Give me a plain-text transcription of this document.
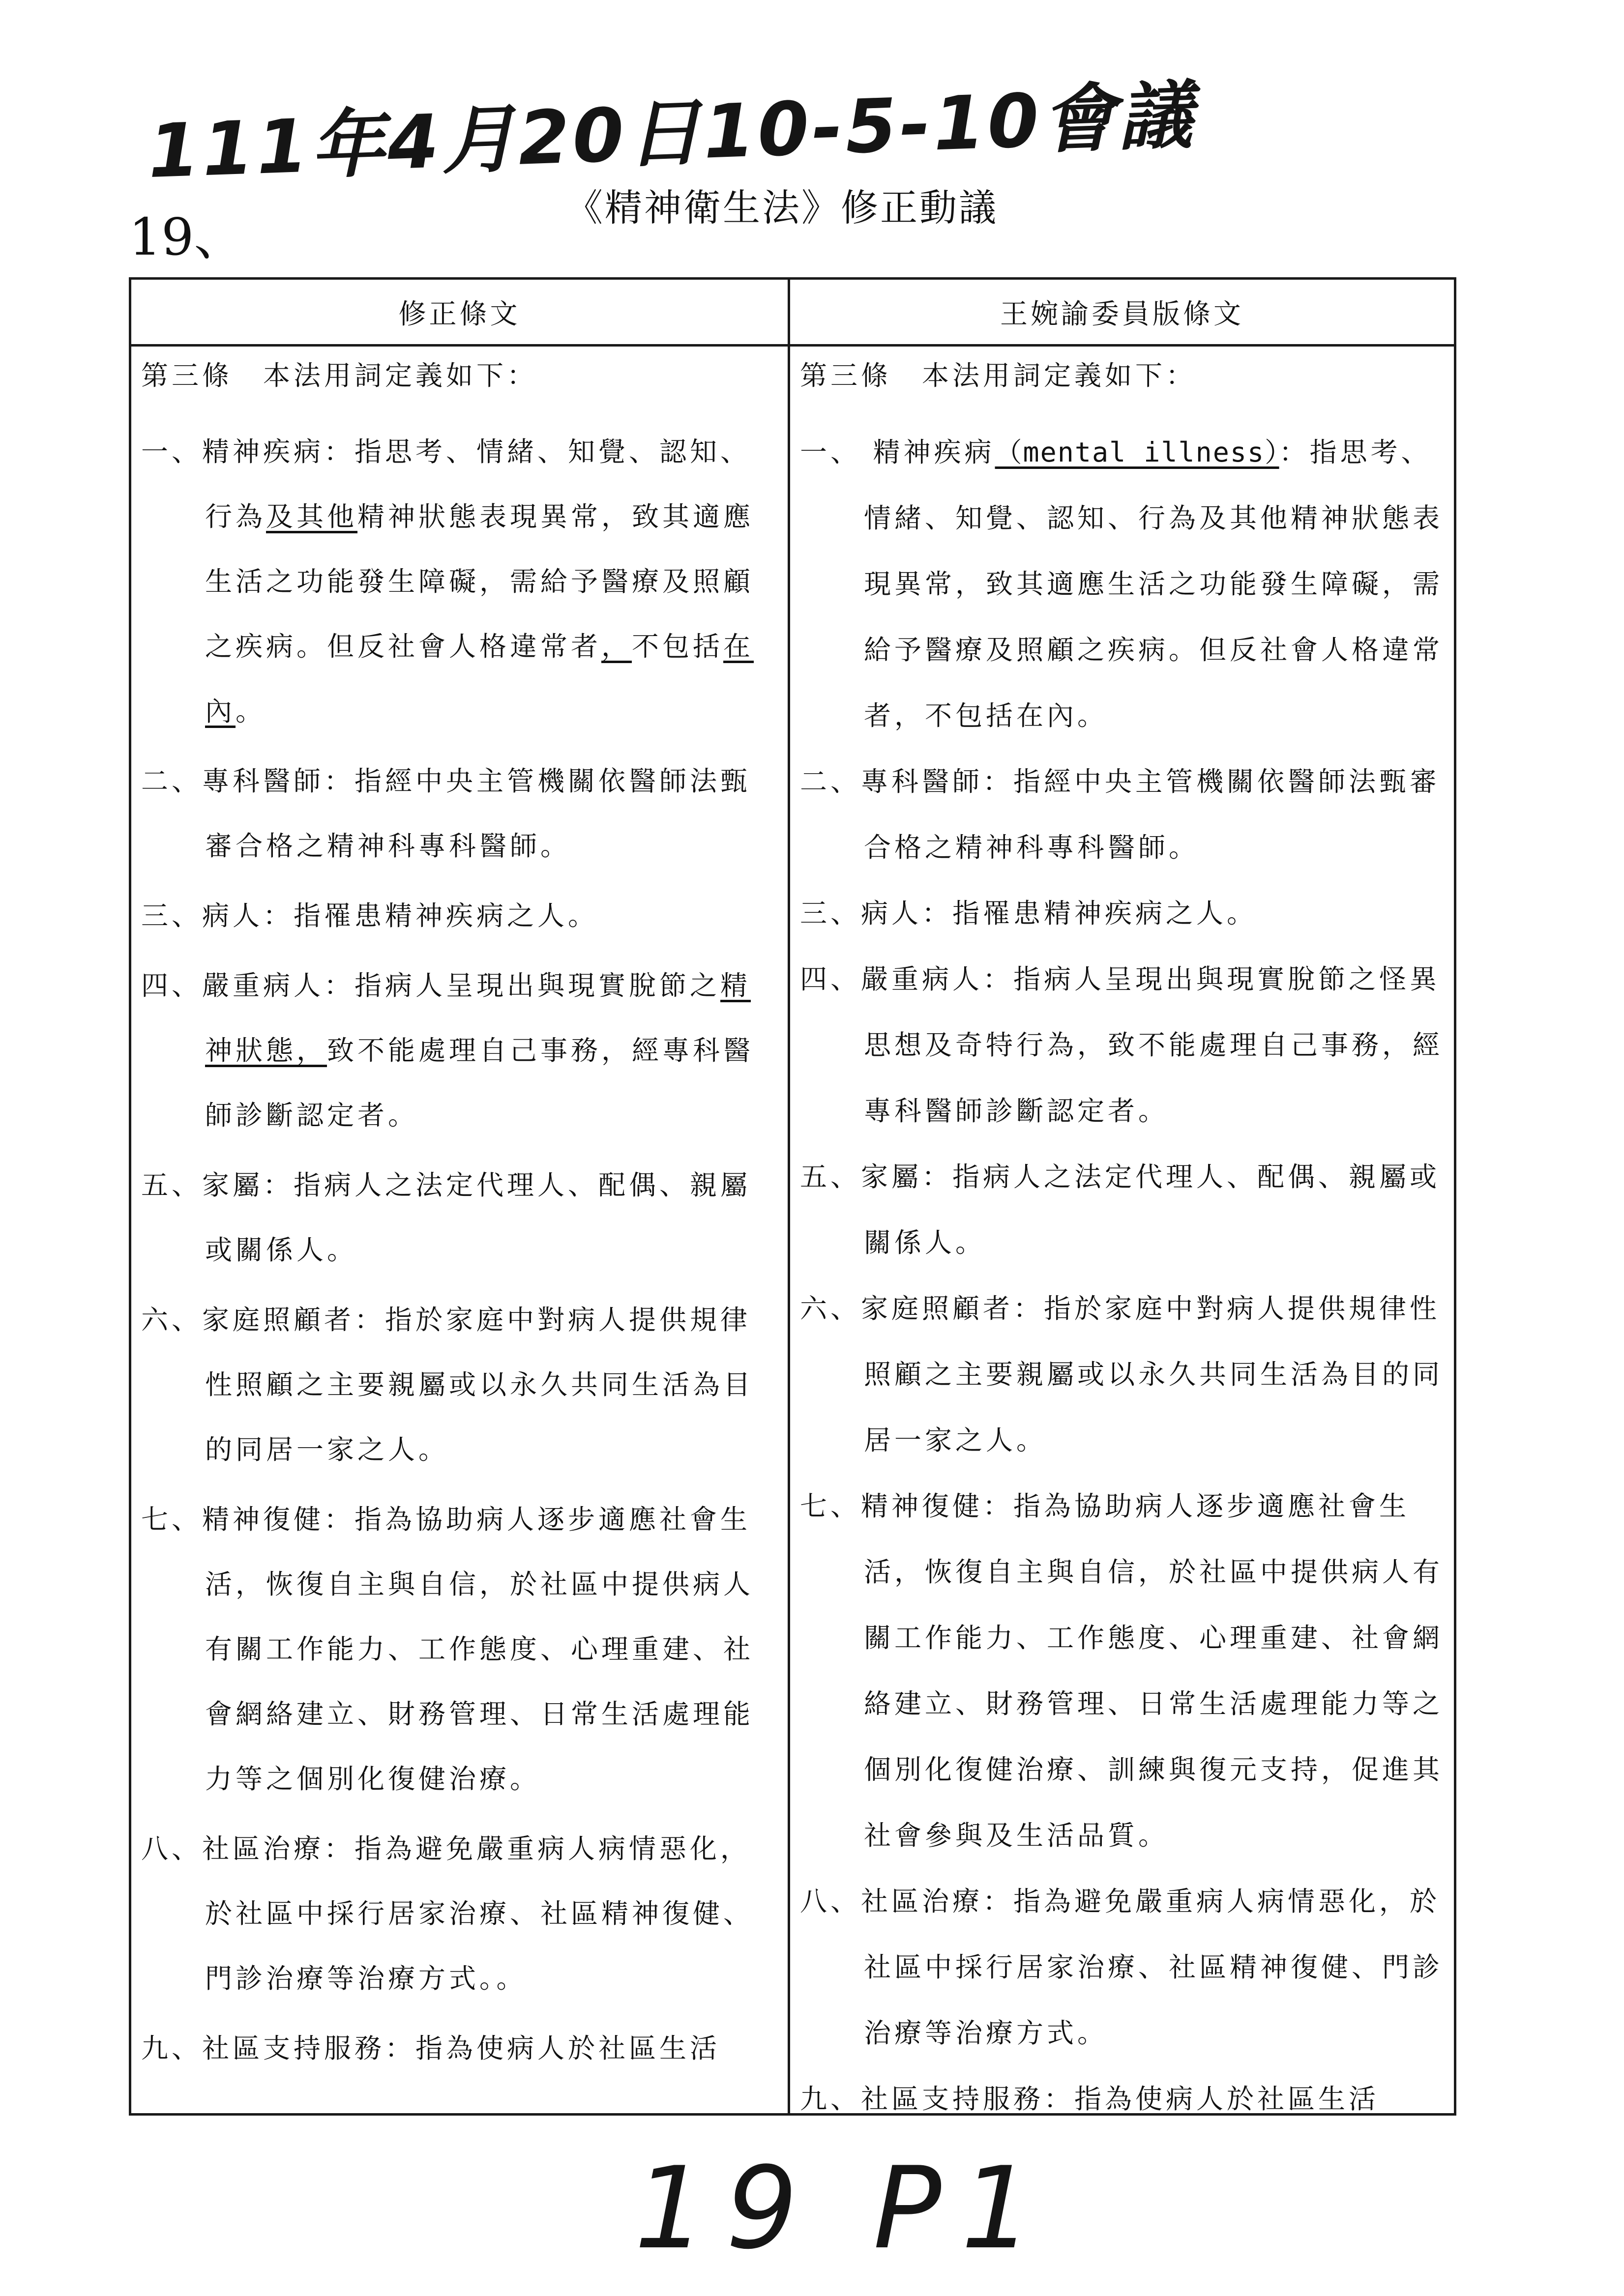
111年4月20日10-5-10會議
19、	《精神衛生法》修正動議
修正條文
第三條　本法用詞定義如下：
一、精神疾病：指思考、情緒、知覺、認知、行為及其他精神狀態表現異常，致其適應生活之功能發生障礙，需給予醫療及照顧之疾病。但反社會人格違常者，不包括在內。
二、專科醫師：指經中央主管機關依醫師法甄審合格之精神科專科醫師。
三、病人：指罹患精神疾病之人。
四、嚴重病人：指病人呈現出與現實脫節之精神狀態，致不能處理自己事務，經專科醫師診斷認定者。
五、家屬：指病人之法定代理人、配偶、親屬或關係人。
六、家庭照顧者：指於家庭中對病人提供規律性照顧之主要親屬或以永久共同生活為目的同居一家之人。
七、精神復健：指為協助病人逐步適應社會生活，恢復自主與自信，於社區中提供病人有關工作能力、工作態度、心理重建、社會網絡建立、財務管理、日常生活處理能力等之個別化復健治療。
八、社區治療：指為避免嚴重病人病情惡化，於社區中採行居家治療、社區精神復健、門診治療等治療方式。。
九、社區支持服務：指為使病人於社區生活
王婉諭委員版條文
第三條　本法用詞定義如下：
一、 精神疾病（mental illness）：指思考、情緒、知覺、認知、行為及其他精神狀態表現異常，致其適應生活之功能發生障礙，需給予醫療及照顧之疾病。但反社會人格違常者，不包括在內。
二、專科醫師：指經中央主管機關依醫師法甄審合格之精神科專科醫師。
三、病人：指罹患精神疾病之人。
四、嚴重病人：指病人呈現出與現實脫節之怪異思想及奇特行為，致不能處理自己事務，經專科醫師診斷認定者。
五、家屬：指病人之法定代理人、配偶、親屬或關係人。
六、家庭照顧者：指於家庭中對病人提供規律性照顧之主要親屬或以永久共同生活為目的同居一家之人。
七、精神復健：指為協助病人逐步適應社會生活，恢復自主與自信，於社區中提供病人有關工作能力、工作態度、心理重建、社會網絡建立、財務管理、日常生活處理能力等之個別化復健治療、訓練與復元支持，促進其社會參與及生活品質。
八、社區治療：指為避免嚴重病人病情惡化，於社區中採行居家治療、社區精神復健、門診治療等治療方式。
九、社區支持服務：指為使病人於社區生活
19 P1
